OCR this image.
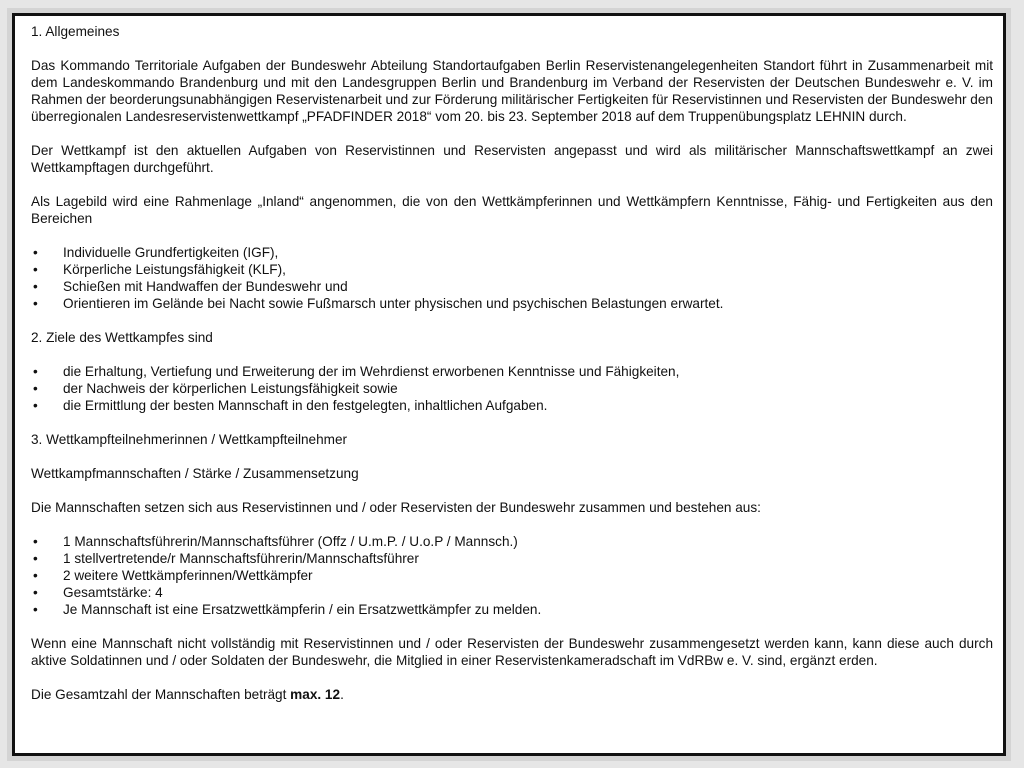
1. Allgemeines

Das Kommando Territoriale Aufgaben der Bundeswehr Abteilung Standortaufgaben Berlin Reservistenangelegenheiten Standort führt in Zusammenarbeit mit dem Landeskommando Brandenburg und mit den Landesgruppen Berlin und Brandenburg im Verband der Reservisten der Deutschen Bundeswehr e. V. im Rahmen der beorderungsunabhängigen Reservistenarbeit und zur Förderung militärischer Fertigkeiten für Reservistinnen und Reservisten der Bundeswehr den überregionalen Landesreservistenwettkampf „PFADFINDER 2018“ vom 20. bis 23. September 2018 auf dem Truppenübungsplatz LEHNIN durch.

Der Wettkampf ist den aktuellen Aufgaben von Reservistinnen und Reservisten angepasst und wird als militärischer Mannschaftswettkampf an zwei Wettkampftagen durchgeführt.

Als Lagebild wird eine Rahmenlage „Inland“ angenommen, die von den Wettkämpferinnen und Wettkämpfern Kenntnisse, Fähig- und Fertigkeiten aus den Bereichen

• Individuelle Grundfertigkeiten (IGF),
• Körperliche Leistungsfähigkeit (KLF),
• Schießen mit Handwaffen der Bundeswehr und
• Orientieren im Gelände bei Nacht sowie Fußmarsch unter physischen und psychischen Belastungen erwartet.

2. Ziele des Wettkampfes sind

• die Erhaltung, Vertiefung und Erweiterung der im Wehrdienst erworbenen Kenntnisse und Fähigkeiten,
• der Nachweis der körperlichen Leistungsfähigkeit sowie
• die Ermittlung der besten Mannschaft in den festgelegten, inhaltlichen Aufgaben.

3. Wettkampfteilnehmerinnen / Wettkampfteilnehmer

Wettkampfmannschaften / Stärke / Zusammensetzung

Die Mannschaften setzen sich aus Reservistinnen und / oder Reservisten der Bundeswehr zusammen und bestehen aus:

• 1 Mannschaftsführerin/Mannschaftsführer (Offz / U.m.P. / U.o.P / Mannsch.)
• 1 stellvertretende/r Mannschaftsführerin/Mannschaftsführer
• 2 weitere Wettkämpferinnen/Wettkämpfer
• Gesamtstärke: 4
• Je Mannschaft ist eine Ersatzwettkämpferin / ein Ersatzwettkämpfer zu melden.

Wenn eine Mannschaft nicht vollständig mit Reservistinnen und / oder Reservisten der Bundeswehr zusammengesetzt werden kann, kann diese auch durch aktive Soldatinnen und / oder Soldaten der Bundeswehr, die Mitglied in einer Reservistenkameradschaft im VdRBw e. V. sind, ergänzt erden.

Die Gesamtzahl der Mannschaften beträgt max. 12.
